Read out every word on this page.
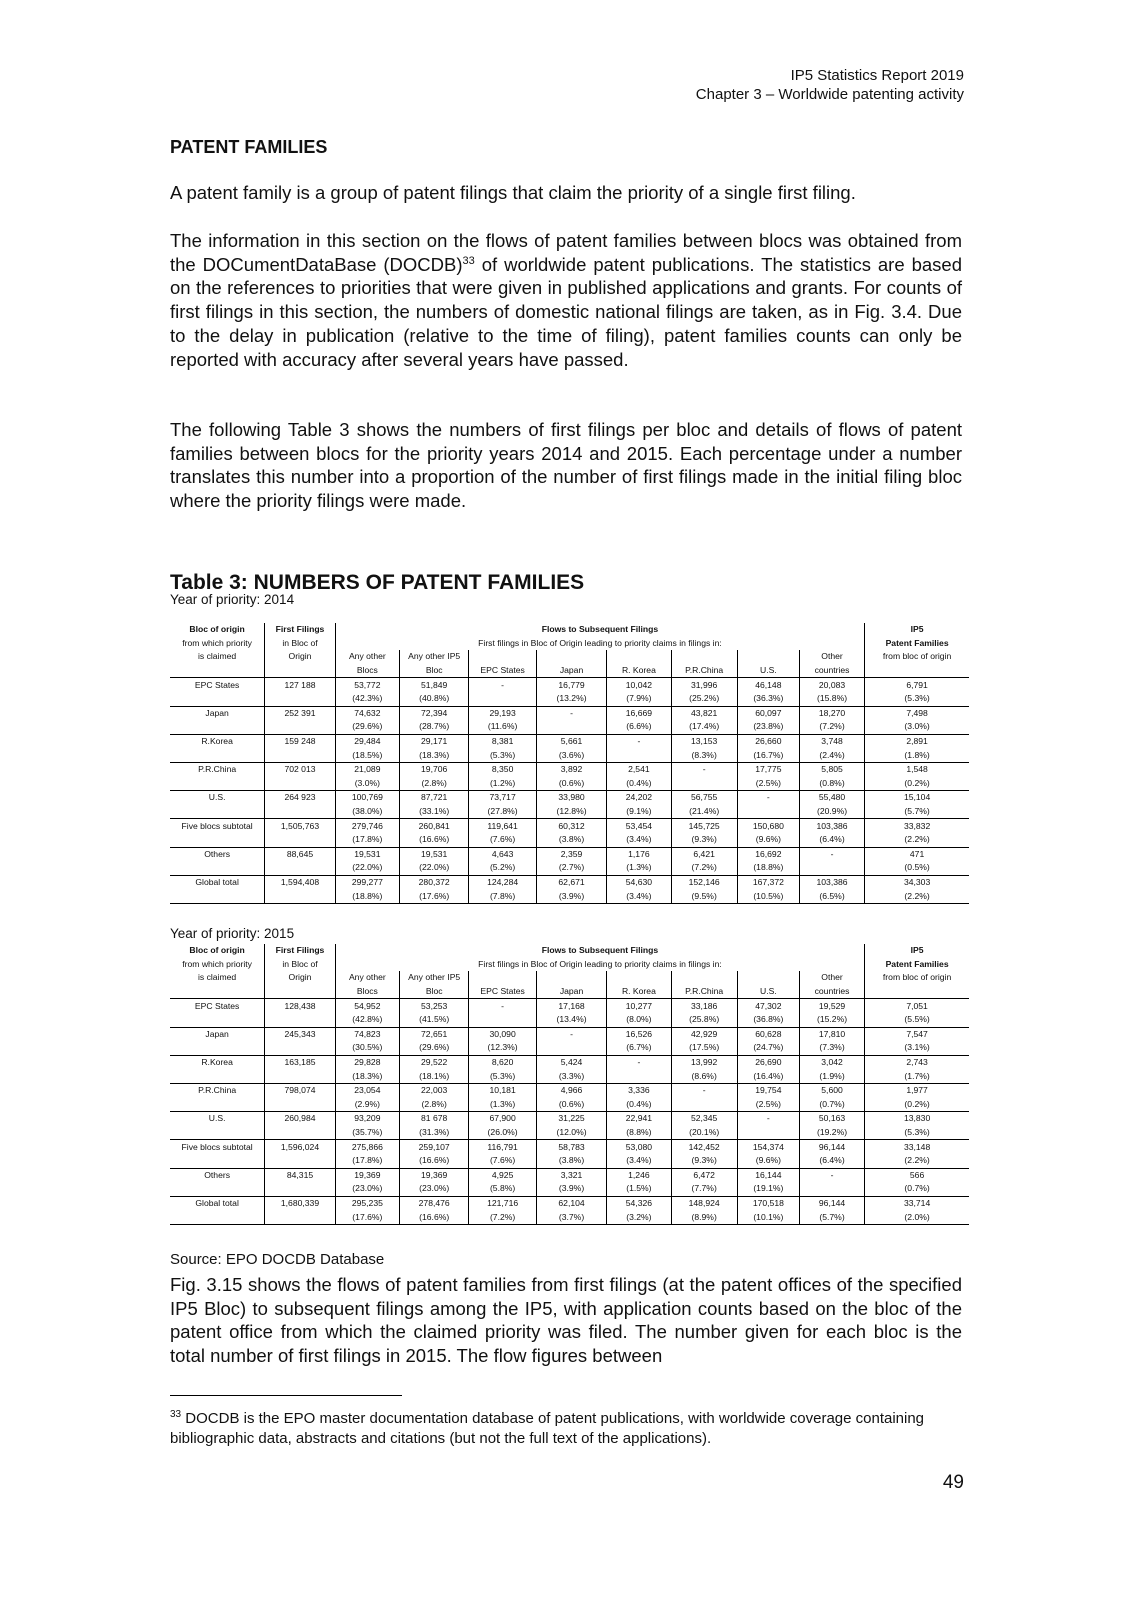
IP5 Statistics Report 2019
Chapter 3 – Worldwide patenting activity
PATENT FAMILIES

A patent family is a group of patent filings that claim the priority of a single first filing.

The information in this section on the flows of patent families between blocs was obtained from the DOCumentDataBase (DOCDB)$^{33}$ of worldwide patent publications. The statistics are based on the references to priorities that were given in published applications and grants. For counts of first filings in this section, the numbers of domestic national filings are taken, as in Fig. 3.4. Due to the delay in publication (relative to the time of filing), patent families counts can only be reported with accuracy after several years have passed.

The following Table 3 shows the numbers of first filings per bloc and details of flows of patent families between blocs for the priority years 2014 and 2015. Each percentage under a number translates this number into a proportion of the number of first filings made in the initial filing bloc where the priority filings were made.

Table 3: NUMBERS OF PATENT FAMILIES
Year of priority: 2014
Bloc of origin	First Filings	Flows to Subsequent Filings								IP5
from which priority	in Bloc of	First filings in Bloc of Origin leading to priority claims in filings in:								Patent Families
is claimed	Origin	Any other	Any other IP5						Other	from bloc of origin
		Blocs	Bloc	EPC States	Japan	R. Korea	P.R.China	U.S.	countries	
EPC States	127 188	53,772	51,849	-	16,779	10,042	31,996	46,148	20,083	6,791
		(42.3%)	(40.8%)		(13.2%)	(7.9%)	(25.2%)	(36.3%)	(15.8%)	(5.3%)
Japan	252 391	74,632	72,394	29,193	-	16,669	43,821	60,097	18,270	7,498
		(29.6%)	(28.7%)	(11.6%)		(6.6%)	(17.4%)	(23.8%)	(7.2%)	(3.0%)
R.Korea	159 248	29,484	29,171	8,381	5,661	-	13,153	26,660	3,748	2,891
		(18.5%)	(18.3%)	(5.3%)	(3.6%)		(8.3%)	(16.7%)	(2.4%)	(1.8%)
P.R.China	702 013	21,089	19,706	8,350	3,892	2,541	-	17,775	5,805	1,548
		(3.0%)	(2.8%)	(1.2%)	(0.6%)	(0.4%)		(2.5%)	(0.8%)	(0.2%)
U.S.	264 923	100,769	87,721	73,717	33,980	24,202	56,755	-	55,480	15,104
		(38.0%)	(33.1%)	(27.8%)	(12.8%)	(9.1%)	(21.4%)		(20.9%)	(5.7%)
Five blocs subtotal	1,505,763	279,746	260,841	119,641	60,312	53,454	145,725	150,680	103,386	33,832
		(17.8%)	(16.6%)	(7.6%)	(3.8%)	(3.4%)	(9.3%)	(9.6%)	(6.4%)	(2.2%)
Others	88,645	19,531	19,531	4,643	2,359	1,176	6,421	16,692	-	471
		(22.0%)	(22.0%)	(5.2%)	(2.7%)	(1.3%)	(7.2%)	(18.8%)		(0.5%)
Global total	1,594,408	299,277	280,372	124,284	62,671	54,630	152,146	167,372	103,386	34,303
		(18.8%)	(17.6%)	(7.8%)	(3.9%)	(3.4%)	(9.5%)	(10.5%)	(6.5%)	(2.2%)
Year of priority: 2015
Bloc of origin	First Filings	Flows to Subsequent Filings								IP5
from which priority	in Bloc of	First filings in Bloc of Origin leading to priority claims in filings in:								Patent Families
is claimed	Origin	Any other	Any other IP5						Other	from bloc of origin
		Blocs	Bloc	EPC States	Japan	R. Korea	P.R.China	U.S.	countries	
EPC States	128,438	54,952	53,253	-	17,168	10,277	33,186	47,302	19,529	7,051
		(42.8%)	(41.5%)		(13.4%)	(8.0%)	(25.8%)	(36.8%)	(15.2%)	(5.5%)
Japan	245,343	74,823	72,651	30,090	-	16,526	42,929	60,628	17,810	7,547
		(30.5%)	(29.6%)	(12.3%)		(6.7%)	(17.5%)	(24.7%)	(7.3%)	(3.1%)
R.Korea	163,185	29,828	29,522	8,620	5,424	-	13,992	26,690	3,042	2,743
		(18.3%)	(18.1%)	(5.3%)	(3.3%)		(8.6%)	(16.4%)	(1.9%)	(1.7%)
P.R.China	798,074	23,054	22,003	10,181	4,966	3,336	-	19,754	5,600	1,977
		(2.9%)	(2.8%)	(1.3%)	(0.6%)	(0.4%)		(2.5%)	(0.7%)	(0.2%)
U.S.	260,984	93,209	81 678	67,900	31,225	22,941	52,345	-	50,163	13,830
		(35.7%)	(31.3%)	(26.0%)	(12.0%)	(8.8%)	(20.1%)		(19.2%)	(5.3%)
Five blocs subtotal	1,596,024	275,866	259,107	116,791	58,783	53,080	142,452	154,374	96,144	33,148
		(17.8%)	(16.6%)	(7.6%)	(3.8%)	(3.4%)	(9.3%)	(9.6%)	(6.4%)	(2.2%)
Others	84,315	19,369	19,369	4,925	3,321	1,246	6,472	16,144	-	566
		(23.0%)	(23.0%)	(5.8%)	(3.9%)	(1.5%)	(7.7%)	(19.1%)		(0.7%)
Global total	1,680,339	295,235	278,476	121,716	62,104	54,326	148,924	170,518	96,144	33,714
		(17.6%)	(16.6%)	(7.2%)	(3.7%)	(3.2%)	(8.9%)	(10.1%)	(5.7%)	(2.0%)
Source: EPO DOCDB Database

Fig. 3.15 shows the flows of patent families from first filings (at the patent offices of the specified IP5 Bloc) to subsequent filings among the IP5, with application counts based on the bloc of the patent office from which the claimed priority was filed. The number given for each bloc is the total number of first filings in 2015. The flow figures between

$^{33}$ DOCDB is the EPO master documentation database of patent publications, with worldwide coverage containing bibliographic data, abstracts and citations (but not the full text of the applications).

49
